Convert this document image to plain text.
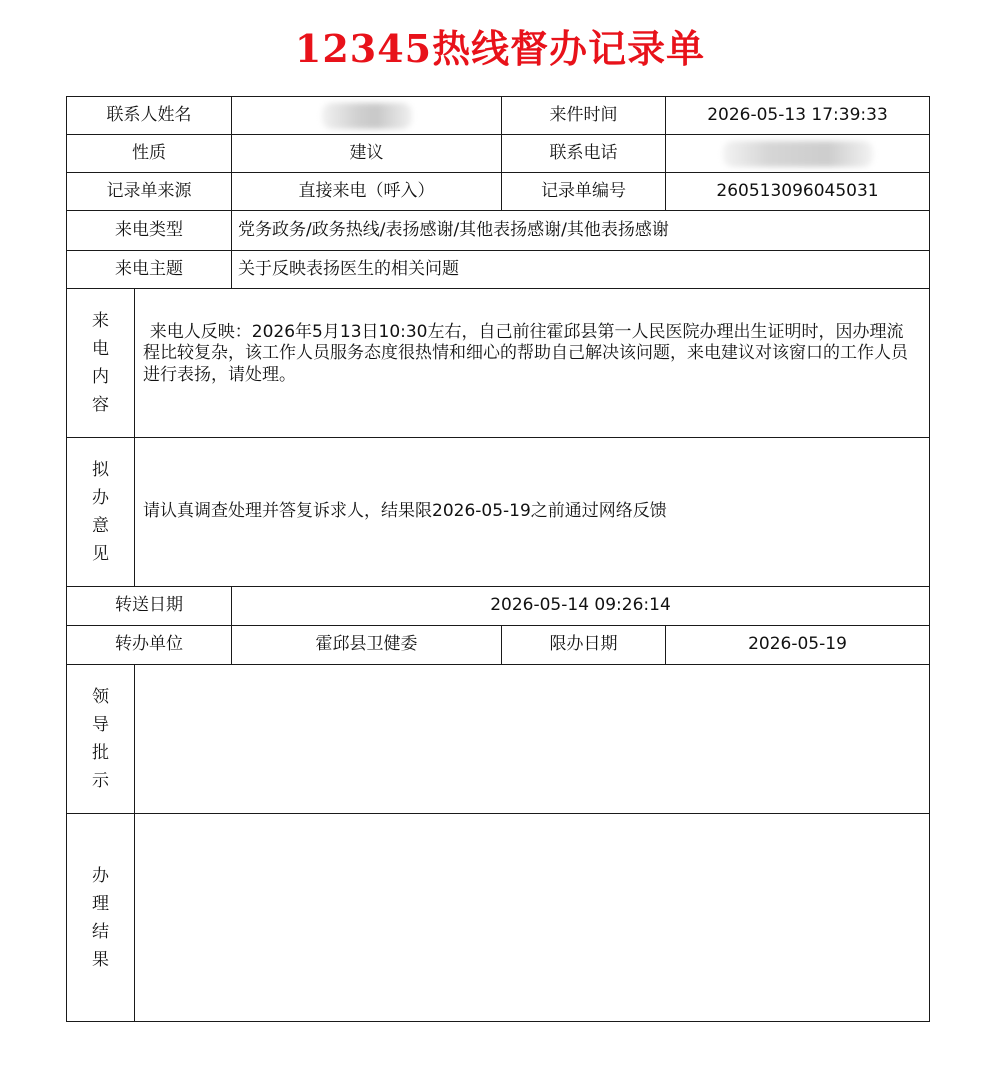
12345热线督办记录单
联系人姓名			来件时间	2026-05-13 17:39:33
性质		建议	联系电话	
记录单来源		直接来电（呼入）	记录单编号	260513096045031
来电类型		党务政务/政务热线/表扬感谢/其他表扬感谢/其他表扬感谢		
来电主题		关于反映表扬医生的相关问题		
来电内容	来电人反映：2026年5月13日10:30左右，自己前往霍邱县第一人民医院办理出生证明时，因办理流程比较复杂，该工作人员服务态度很热情和细心的帮助自己解决该问题，来电建议对该窗口的工作人员进行表扬，请处理。			

拟办意见	请认真调查处理并答复诉求人，结果限2026-05-19之前通过网络反馈			
转送日期		2026-05-14 09:26:14		
转办单位		霍邱县卫健委	限办日期	2026-05-19
领导批示				
办理结果				
